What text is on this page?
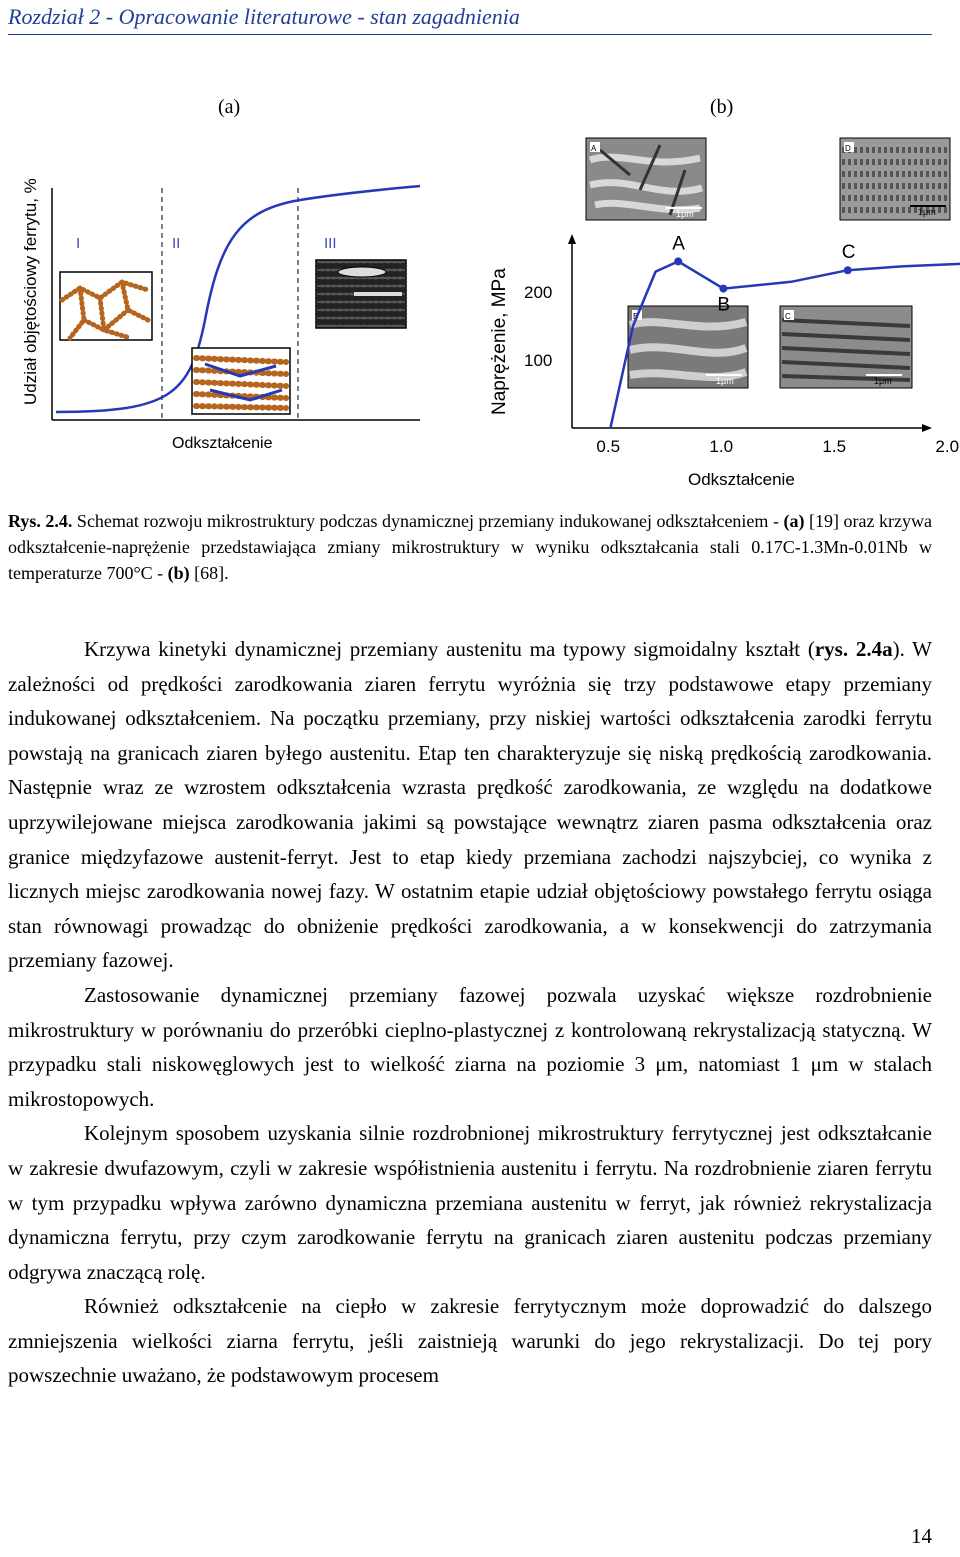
Rozdział 2 - Opracowanie literaturowe - stan zagadnienia
(a)	(b)
Udział objętościowy ferrytu, % I	II	III
Odkształcenie
A
1μm
D
1μm
B
1μm
C
1μm
Naprężenie, MPa 100
200
0.5	1.0	1.5	2.0
A
B
C
Odkształcenie
Rys. 2.4. Schemat rozwoju mikrostruktury podczas dynamicznej przemiany indukowanej odkształceniem - (a) [19] oraz krzywa odkształcenie-naprężenie przedstawiająca zmiany mikrostruktury w wyniku odkształcania stali 0.17C-1.3Mn-0.01Nb w temperaturze 700°C - (b) [68].

Krzywa kinetyki dynamicznej przemiany austenitu ma typowy sigmoidalny kształt (rys. 2.4a). W zależności od prędkości zarodkowania ziaren ferrytu wyróżnia się trzy podstawowe etapy przemiany indukowanej odkształceniem. Na początku przemiany, przy niskiej wartości odkształcenia zarodki ferrytu powstają na granicach ziaren byłego austenitu. Etap ten charakteryzuje się niską prędkością zarodkowania. Następnie wraz ze wzrostem odkształcenia wzrasta prędkość zarodkowania, ze względu na dodatkowe uprzywilejowane miejsca zarodkowania jakimi są powstające wewnątrz ziaren pasma odkształcenia oraz granice międzyfazowe austenit-ferryt. Jest to etap kiedy przemiana zachodzi najszybciej, co wynika z licznych miejsc zarodkowania nowej fazy. W ostatnim etapie udział objętościowy powstałego ferrytu osiąga stan równowagi prowadząc do obniżenie prędkości zarodkowania, a w konsekwencji do zatrzymania przemiany fazowej.

Zastosowanie dynamicznej przemiany fazowej pozwala uzyskać większe rozdrobnienie mikrostruktury w porównaniu do przeróbki cieplno-plastycznej z kontrolowaną rekrystalizacją statyczną. W przypadku stali niskowęglowych jest to wielkość ziarna na poziomie 3 μm, natomiast 1 μm w stalach mikrostopowych.

Kolejnym sposobem uzyskania silnie rozdrobnionej mikrostruktury ferrytycznej jest odkształcanie w zakresie dwufazowym, czyli w zakresie współistnienia austenitu i ferrytu. Na rozdrobnienie ziaren ferrytu w tym przypadku wpływa zarówno dynamiczna przemiana austenitu w ferryt, jak również rekrystalizacja dynamiczna ferrytu, przy czym zarodkowanie ferrytu na granicach ziaren austenitu podczas przemiany odgrywa znaczącą rolę.

Również odkształcenie na ciepło w zakresie ferrytycznym może doprowadzić do dalszego zmniejszenia wielkości ziarna ferrytu, jeśli zaistnieją warunki do jego rekrystalizacji. Do tej pory powszechnie uważano, że podstawowym procesem

14
